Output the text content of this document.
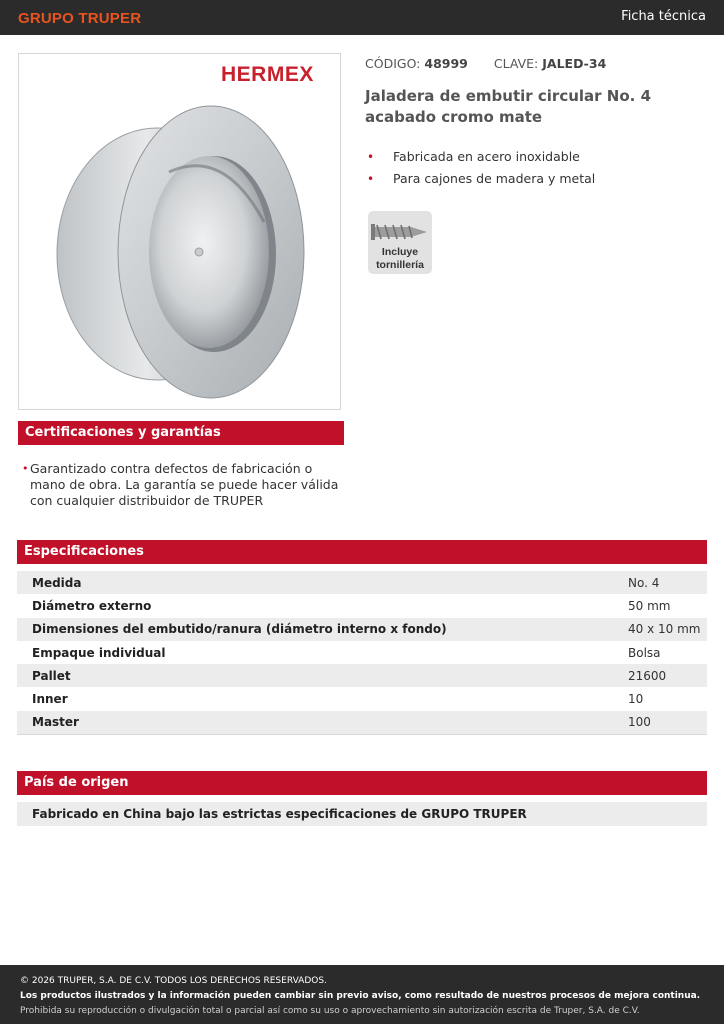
GRUPO TRUPER	Ficha técnica
HERMEX	CÓDIGO: 48999 CLAVE: JALED-34
Jaladera de embutir circular No. 4 acabado cromo mate
• Fabricada en acero inoxidable
• Para cajones de madera y metal
Incluye
tornillería
Certificaciones y garantías
• Garantizado contra defectos de fabricación o mano de obra. La garantía se puede hacer válida con cualquier distribuidor de TRUPER
Especificaciones
Medida	No. 4
Diámetro externo	50 mm
Dimensiones del embutido/ranura (diámetro interno x fondo)	40 x 10 mm
Empaque individual	Bolsa
Pallet	21600
Inner	10
Master	100
País de origen
Fabricado en China bajo las estrictas especificaciones de GRUPO TRUPER

© 2026 TRUPER, S.A. DE C.V. TODOS LOS DERECHOS RESERVADOS.

Los productos ilustrados y la información pueden cambiar sin previo aviso, como resultado de nuestros procesos de mejora continua.

Prohibida su reproducción o divulgación total o parcial así como su uso o aprovechamiento sin autorización escrita de Truper, S.A. de C.V.
